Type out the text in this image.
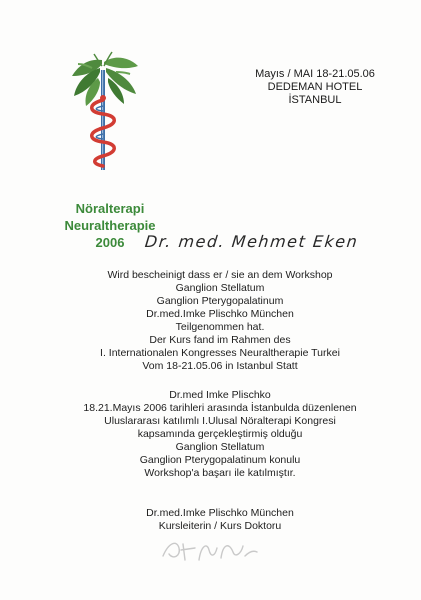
Mayıs / MAI 18-21.05.06
DEDEMAN HOTEL
İSTANBUL
Nöralterapi
Neuraltherapie
2006	Dr. med. Mehmet Eken
Wird bescheinigt dass er / sie an dem Workshop
Ganglion Stellatum
Ganglion Pterygopalatinum
Dr.med.Imke Plischko München
Teilgenommen hat.
Der Kurs fand im Rahmen des
I. Internationalen Kongresses Neuraltherapie Turkei
Vom 18-21.05.06 in Istanbul Statt
Dr.med Imke Plischko
18.21.Mayıs 2006 tarihleri arasında İstanbulda düzenlenen
Uluslararası katılımlı I.Ulusal Nöralterapi Kongresi
kapsamında gerçekleştirmiş olduğu
Ganglion Stellatum
Ganglion Pterygopalatinum konulu
Workshop'a başarı ile katılmıştır.
Dr.med.Imke Plischko München
Kursleiterin / Kurs Doktoru
